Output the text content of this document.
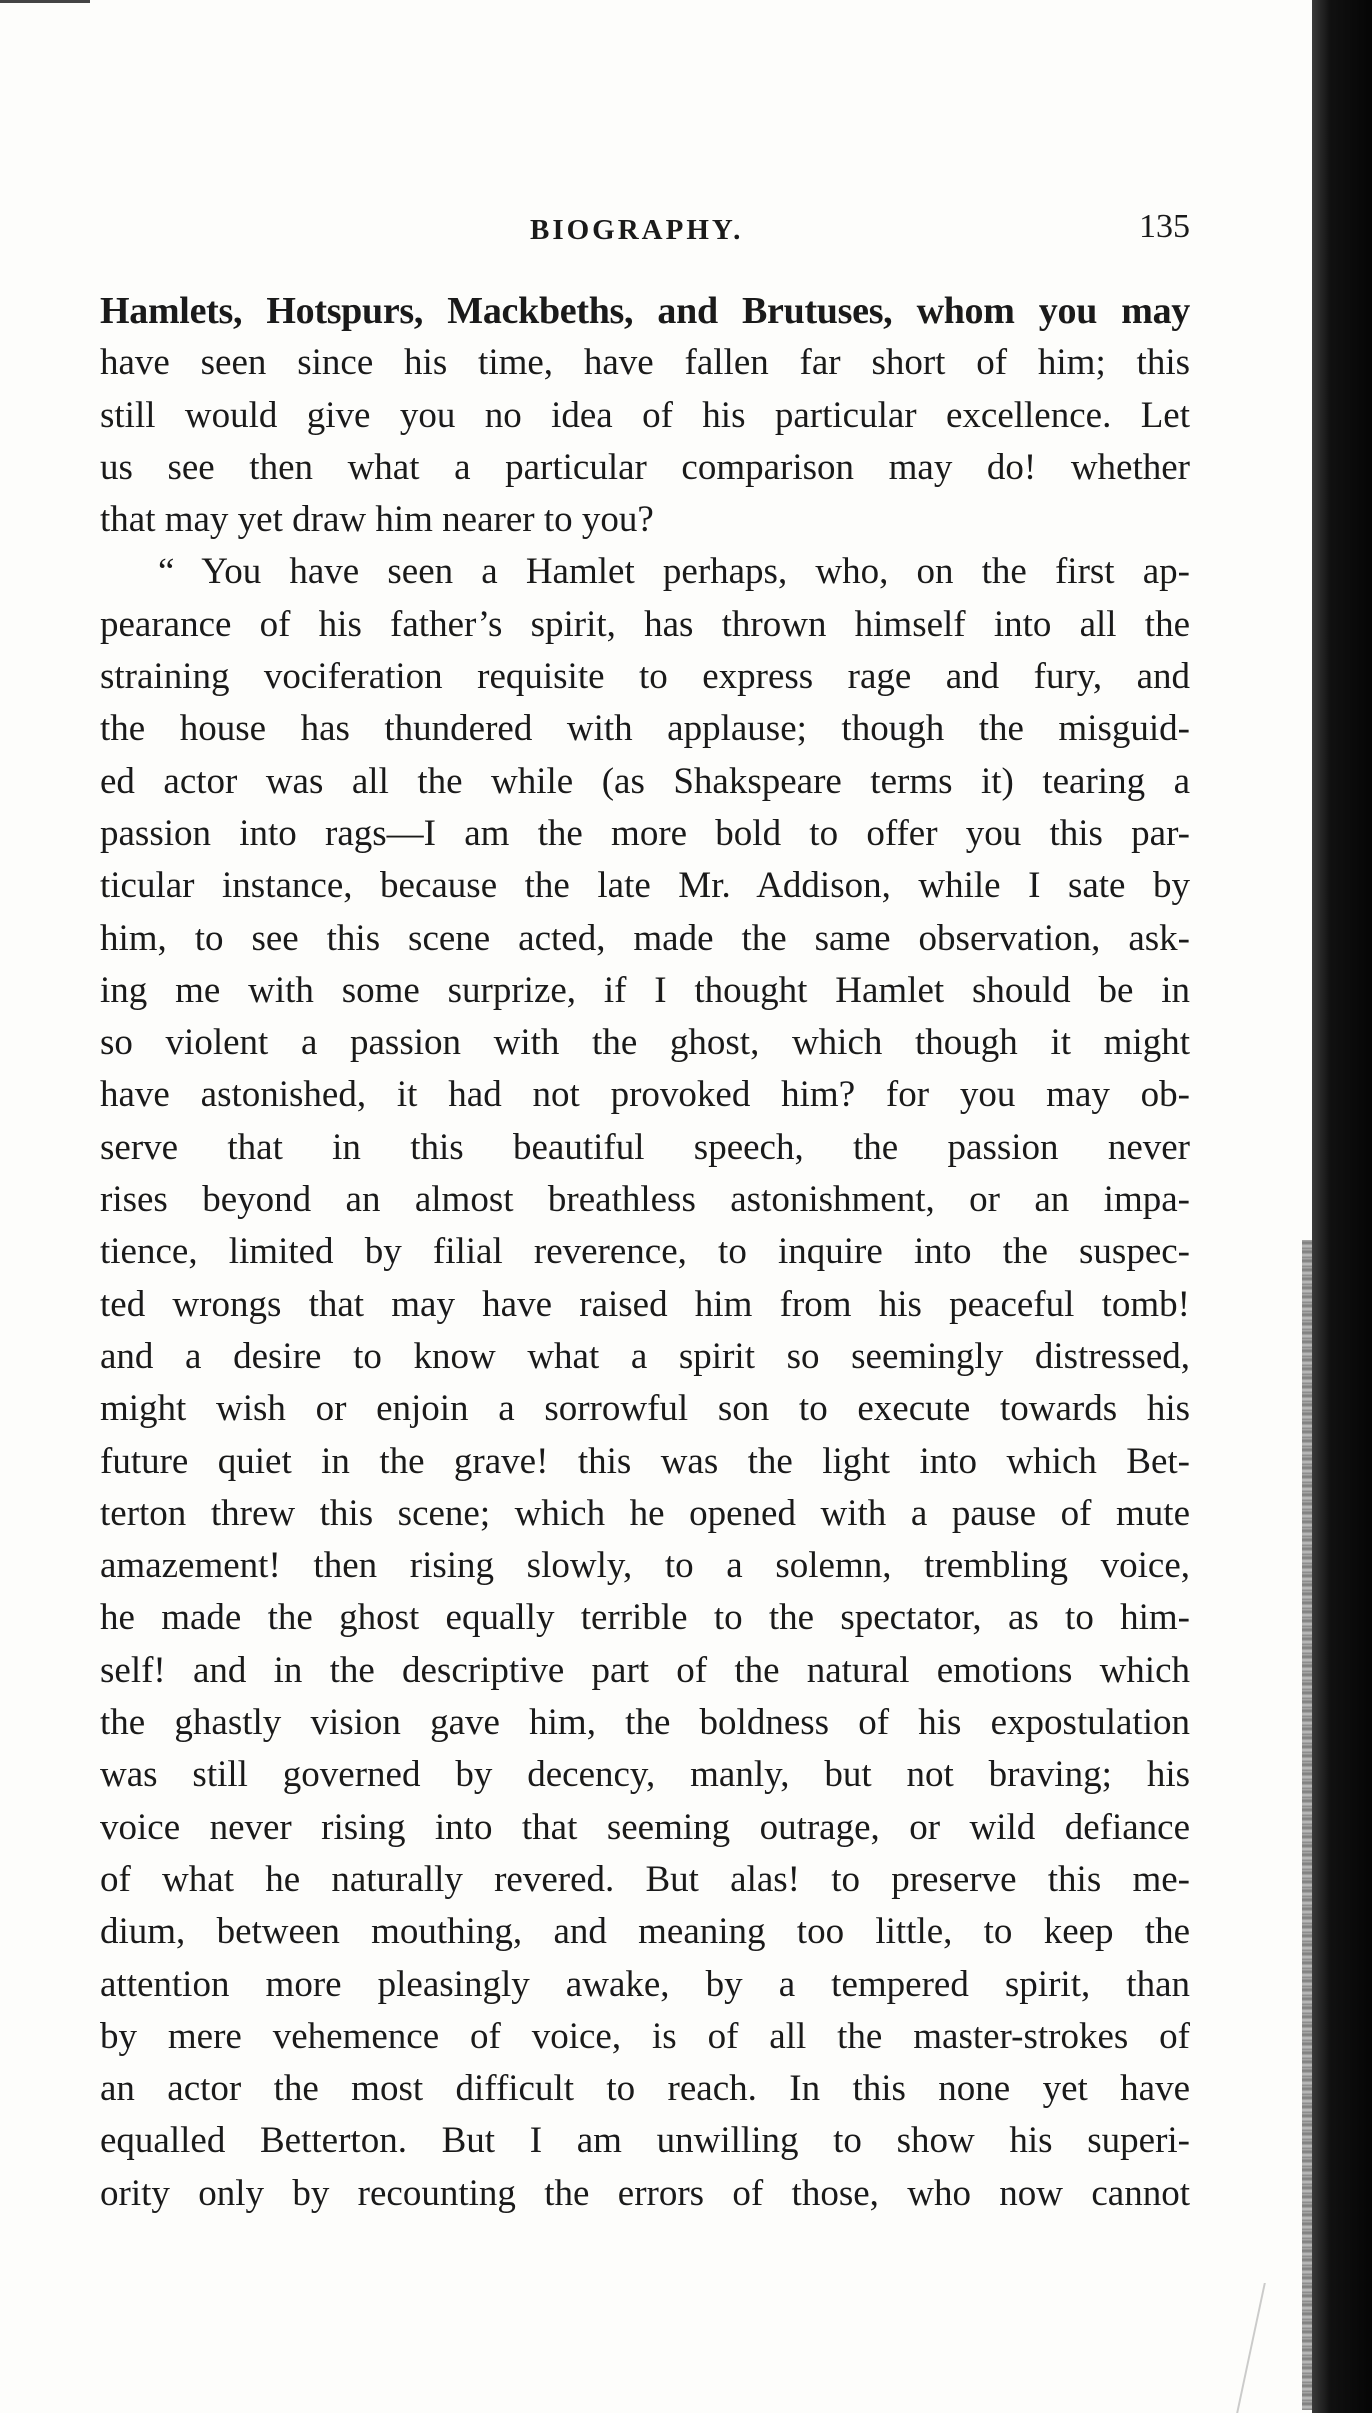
BIOGRAPHY.	135
Hamlets, Hotspurs, Mackbeths, and Brutuses, whom you may
have seen since his time, have fallen far short of him; this
still would give you no idea of his particular excellence. Let
us see then what a particular comparison may do! whether
that may yet draw him nearer to you?
“ You have seen a Hamlet perhaps, who, on the first ap-
pearance of his father’s spirit, has thrown himself into all the
straining vociferation requisite to express rage and fury, and
the house has thundered with applause; though the misguid-
ed actor was all the while (as Shakspeare terms it) tearing a
passion into rags—I am the more bold to offer you this par-
ticular instance, because the late Mr. Addison, while I sate by
him, to see this scene acted, made the same observation, ask-
ing me with some surprize, if I thought Hamlet should be in
so violent a passion with the ghost, which though it might
have astonished, it had not provoked him? for you may ob-
serve that in this beautiful speech, the passion never
rises beyond an almost breathless astonishment, or an impa-
tience, limited by filial reverence, to inquire into the suspec-
ted wrongs that may have raised him from his peaceful tomb!
and a desire to know what a spirit so seemingly distressed,
might wish or enjoin a sorrowful son to execute towards his
future quiet in the grave! this was the light into which Bet-
terton threw this scene; which he opened with a pause of mute
amazement! then rising slowly, to a solemn, trembling voice,
he made the ghost equally terrible to the spectator, as to him-
self! and in the descriptive part of the natural emotions which
the ghastly vision gave him, the boldness of his expostulation
was still governed by decency, manly, but not braving; his
voice never rising into that seeming outrage, or wild defiance
of what he naturally revered. But alas! to preserve this me-
dium, between mouthing, and meaning too little, to keep the
attention more pleasingly awake, by a tempered spirit, than
by mere vehemence of voice, is of all the master-strokes of
an actor the most difficult to reach. In this none yet have
equalled Betterton. But I am unwilling to show his superi-
ority only by recounting the errors of those, who now cannot
